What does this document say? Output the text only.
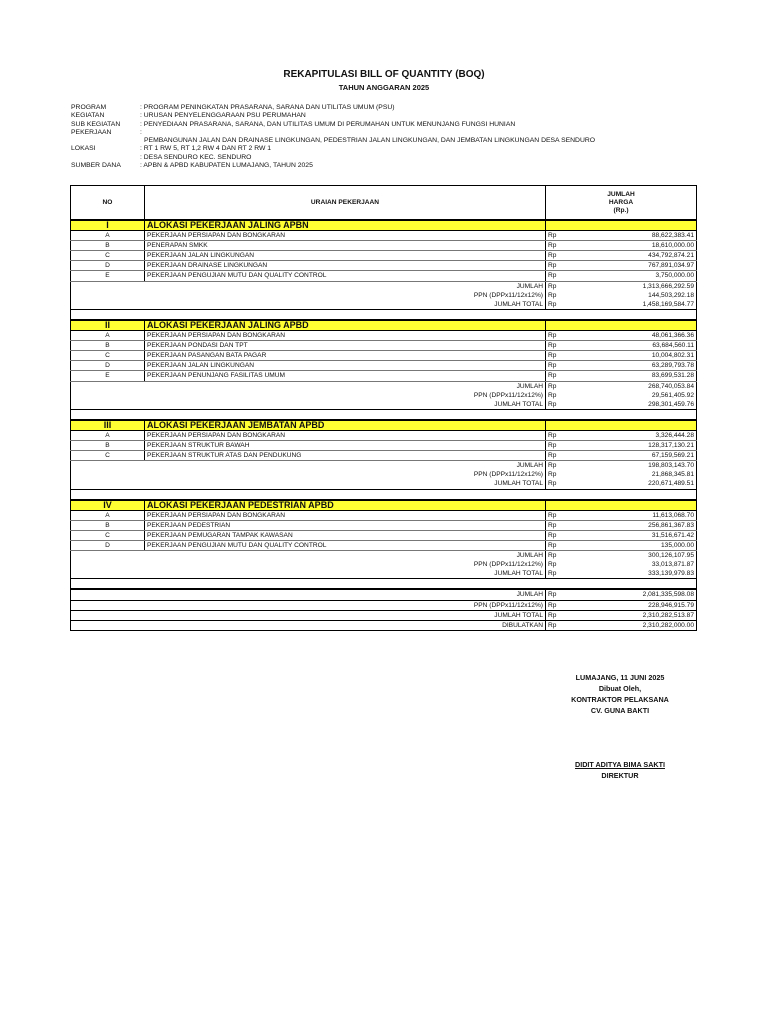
REKAPITULASI BILL OF QUANTITY (BOQ)
TAHUN ANGGARAN 2025
PROGRAM	: PROGRAM PENINGKATAN PRASARANA, SARANA DAN UTILITAS UMUM (PSU)
KEGIATAN	: URUSAN PENYELENGGARAAN PSU PERUMAHAN
SUB KEGIATAN	: PENYEDIAAN PRASARANA, SARANA, DAN UTILITAS UMUM DI PERUMAHAN UNTUK MENUNJANG FUNGSI HUNIAN
PEKERJAAN	:
PEMBANGUNAN JALAN DAN DRAINASE LINGKUNGAN, PEDESTRIAN JALAN LINGKUNGAN, DAN JEMBATAN LINGKUNGAN DESA SENDURO
LOKASI	: RT 1 RW 5, RT 1,2 RW 4 DAN RT 2 RW 1
: DESA SENDURO KEC. SENDURO
SUMBER DANA	: APBN & APBD KABUPATEN LUMAJANG, TAHUN 2025
NO	URAIAN PEKERJAAN	JUMLAH
HARGA
(Rp.)	

I	ALOKASI PEKERJAAN JALING APBN		
A	PEKERJAAN PERSIAPAN DAN BONGKARAN	Rp	88,622,383.41
B	PENERAPAN SMKK	Rp	18,610,000.00
C	PEKERJAAN JALAN LINGKUNGAN	Rp	434,792,874.21
D	PEKERJAAN DRAINASE LINGKUNGAN	Rp	767,891,034.97
E	PEKERJAAN PENGUJIAN MUTU DAN QUALITY CONTROL	Rp	3,750,000.00
JUMLAH		Rp	1,313,666,292.59
PPN (DPPx11/12x12%)		Rp	144,503,292.18
JUMLAH TOTAL		Rp	1,458,169,584.77

II	ALOKASI PEKERJAAN JALING APBD		
A	PEKERJAAN PERSIAPAN DAN BONGKARAN	Rp	48,061,366.36
B	PEKERJAAN PONDASI DAN TPT	Rp	63,684,560.11
C	PEKERJAAN PASANGAN BATA PAGAR	Rp	10,004,802.31
D	PEKERJAAN JALAN LINGKUNGAN	Rp	63,289,793.78
E	PEKERJAAN PENUNJANG FASILITAS UMUM	Rp	83,699,531.28
JUMLAH		Rp	268,740,053.84
PPN (DPPx11/12x12%)		Rp	29,561,405.92
JUMLAH TOTAL		Rp	298,301,459.76

III	ALOKASI PEKERJAAN JEMBATAN APBD		
A	PEKERJAAN PERSIAPAN DAN BONGKARAN	Rp	3,326,444.28
B	PEKERJAAN STRUKTUR BAWAH	Rp	128,317,130.21
C	PEKERJAAN STRUKTUR ATAS DAN PENDUKUNG	Rp	67,159,569.21
JUMLAH		Rp	198,803,143.70
PPN (DPPx11/12x12%)		Rp	21,868,345.81
JUMLAH TOTAL		Rp	220,671,489.51

IV	ALOKASI PEKERJAAN PEDESTRIAN APBD		
A	PEKERJAAN PERSIAPAN DAN BONGKARAN	Rp	11,613,068.70
B	PEKERJAAN PEDESTRIAN	Rp	256,861,367.83
C	PEKERJAAN PEMUGARAN TAMPAK KAWASAN	Rp	31,516,671.42
D	PEKERJAAN PENGUJIAN MUTU DAN QUALITY CONTROL	Rp	135,000.00
JUMLAH		Rp	300,126,107.95
PPN (DPPx11/12x12%)		Rp	33,013,871.87
JUMLAH TOTAL		Rp	333,139,979.83

JUMLAH		Rp	2,081,335,598.08
PPN (DPPx11/12x12%)		Rp	228,946,915.79
JUMLAH TOTAL		Rp	2,310,282,513.87
DIBULATKAN		Rp	2,310,282,000.00
LUMAJANG, 11 JUNI 2025
Dibuat Oleh,
KONTRAKTOR PELAKSANA
CV. GUNA BAKTI
DIDIT ADITYA BIMA SAKTI
DIREKTUR
